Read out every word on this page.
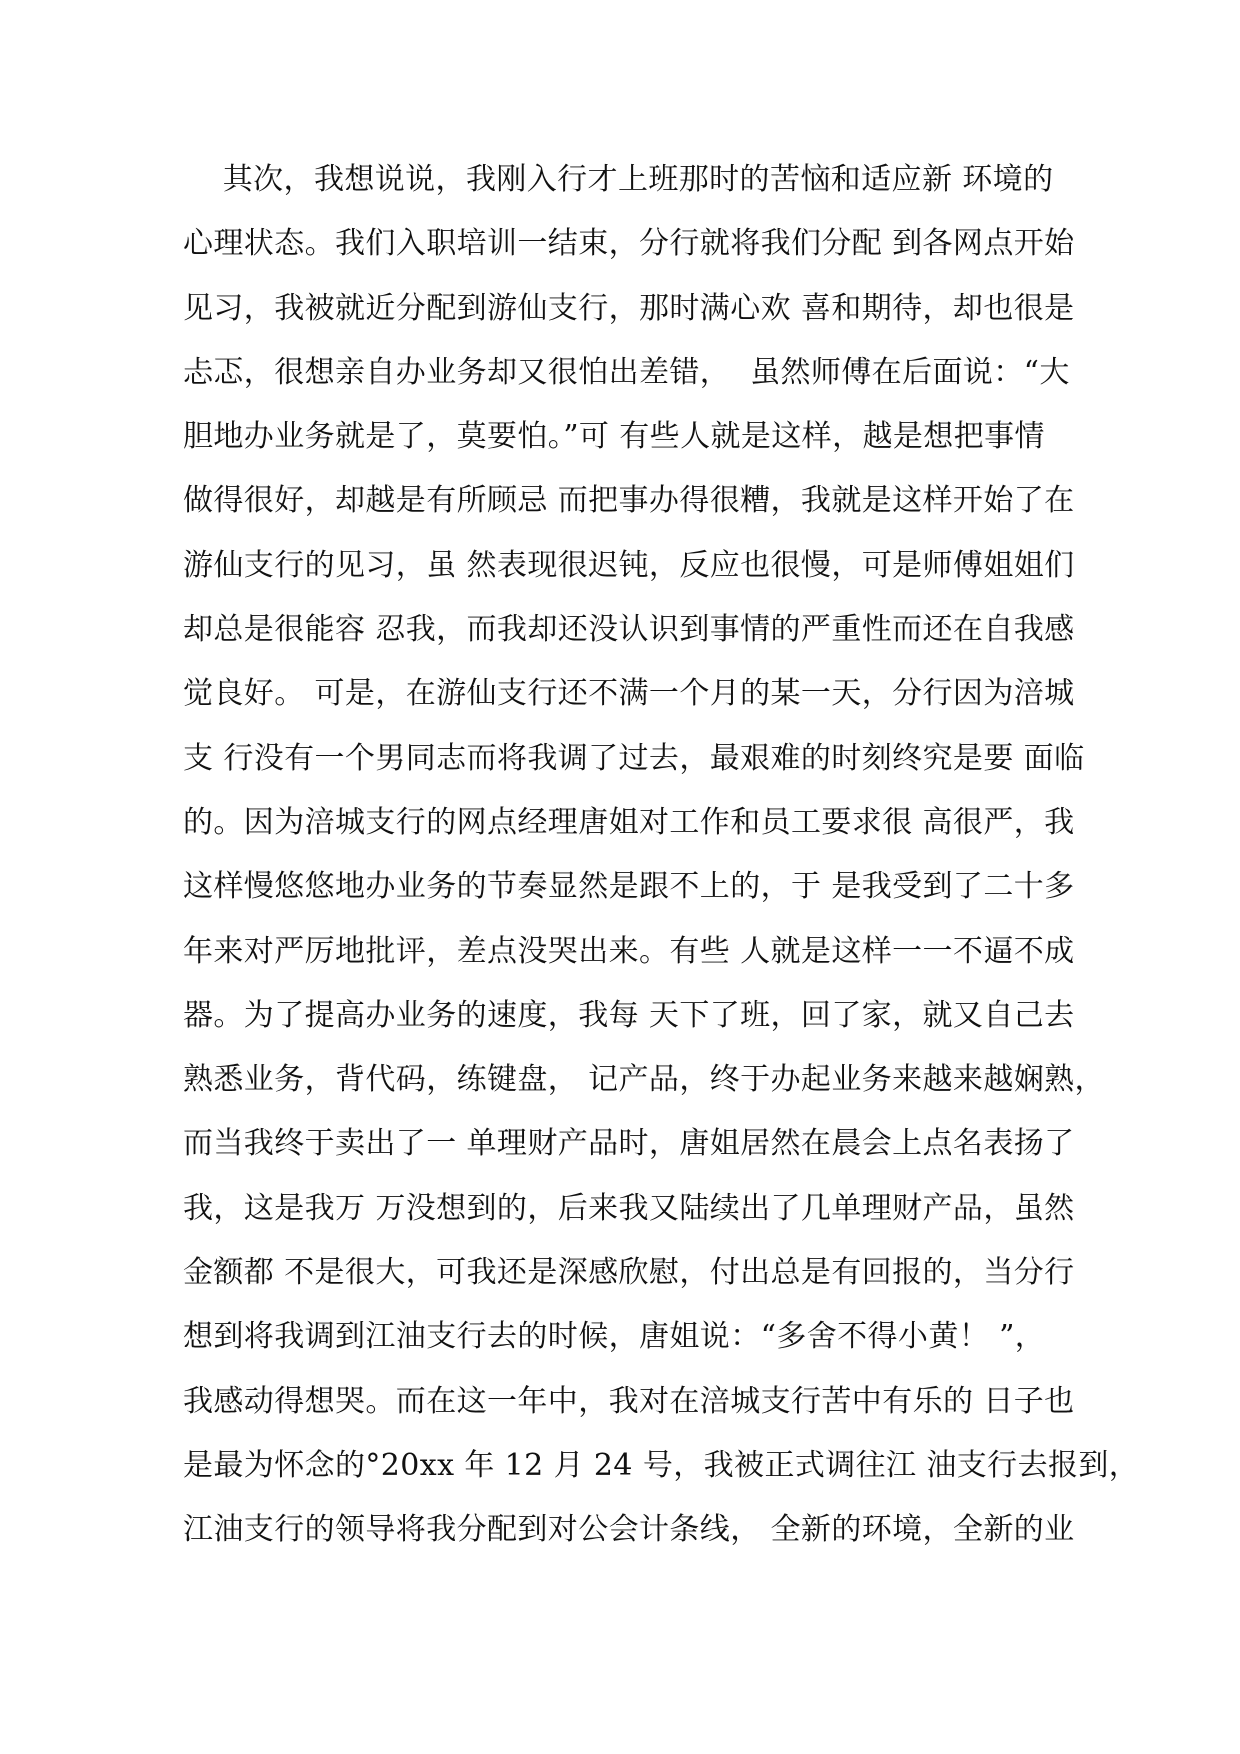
其次，我想说说，我刚入行才上班那时的苦恼和适应新 环境的
心理状态。我们入职培训一结束，分行就将我们分配 到各网点开始
见习，我被就近分配到游仙支行，那时满心欢 喜和期待，却也很是
忐忑，很想亲自办业务却又很怕出差错，  虽然师傅在后面说：“大
胆地办业务就是了，莫要怕。”可 有些人就是这样，越是想把事情
做得很好，却越是有所顾忌 而把事办得很糟，我就是这样开始了在
游仙支行的见习，虽 然表现很迟钝，反应也很慢，可是师傅姐姐们
却总是很能容 忍我，而我却还没认识到事情的严重性而还在自我感
觉良好。 可是，在游仙支行还不满一个月的某一天，分行因为涪城
支 行没有一个男同志而将我调了过去，最艰难的时刻终究是要 面临
的。因为涪城支行的网点经理唐姐对工作和员工要求很 高很严，我
这样慢悠悠地办业务的节奏显然是跟不上的，于 是我受到了二十多
年来对严厉地批评，差点没哭出来。有些 人就是这样一一不逼不成
器。为了提高办业务的速度，我每 天下了班，回了家，就又自己去
熟悉业务，背代码，练键盘， 记产品，终于办起业务来越来越娴熟，
而当我终于卖出了一 单理财产品时，唐姐居然在晨会上点名表扬了
我，这是我万 万没想到的，后来我又陆续出了几单理财产品，虽然
金额都 不是很大，可我还是深感欣慰，付出总是有回报的，当分行
想到将我调到江油支行去的时候，唐姐说：“多舍不得小黄！ ”，
我感动得想哭。而在这一年中，我对在涪城支行苦中有乐的 日子也
是最为怀念的°20xx 年 12 月 24 号，我被正式调往江 油支行去报到，
江油支行的领导将我分配到对公会计条线， 全新的环境，全新的业
